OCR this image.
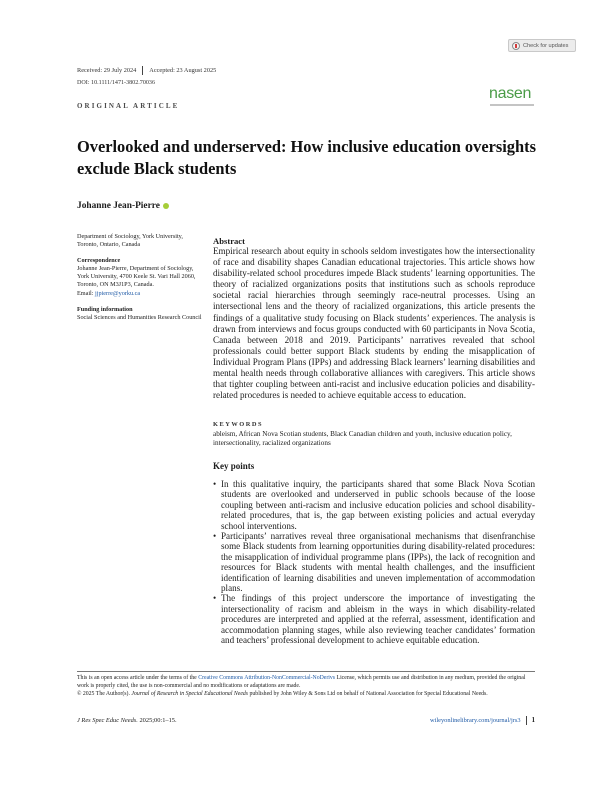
Check for updates
Received: 29 July 2024 Accepted: 23 August 2025
DOI: 10.1111/1471-3802.70036
ORIGINAL ARTICLE
nasen
Overlooked and underserved: How inclusive education oversights
exclude Black students
Johanne Jean-Pierre

Department of Sociology, York University, Toronto, Ontario, Canada

Correspondence

Johanne Jean-Pierre, Department of Sociology, York University, 4700 Keele St. Vari Hall 2060, Toronto, ON M3J1P3, Canada.
Email: jjpierre@yorku.ca

Funding information

Social Sciences and Humanities Research Council

Abstract

Empirical research about equity in schools seldom investigates how the intersectionality of race and disability shapes Canadian educational trajectories. This article shows how disability-related school procedures impede Black students’ learning opportunities. The theory of racialized organizations posits that institutions such as schools reproduce societal racial hierarchies through seemingly race-neutral processes. Using an intersectional lens and the theory of racialized organizations, this article presents the findings of a qualitative study focusing on Black students’ experiences. The analysis is drawn from interviews and focus groups conducted with 60 participants in Nova Scotia, Canada between 2018 and 2019. Participants’ narratives revealed that school professionals could better support Black students by ending the misapplication of Individual Program Plans (IPPs) and addressing Black learners’ learning disabilities and mental health needs through collaborative alliances with caregivers. This article shows that tighter coupling between anti-racist and inclusive education policies and disability-related procedures is needed to achieve equitable access to education.

KEYWORDS

ableism, African Nova Scotian students, Black Canadian children and youth, inclusive education policy, intersectionality, racialized organizations

Key points
• In this qualitative inquiry, the participants shared that some Black Nova Scotian students are overlooked and underserved in public schools because of the loose coupling between anti-racism and inclusive education policies and school disability-related procedures, that is, the gap between existing policies and actual everyday school interventions.
• Participants’ narratives reveal three organisational mechanisms that disenfranchise some Black students from learning opportunities during disability-related procedures: the misapplication of individual programme plans (IPPs), the lack of recognition and resources for Black students with mental health challenges, and the insufficient identification of learning disabilities and uneven implementation of accommodation plans.
• The findings of this project underscore the importance of investigating the intersectionality of racism and ableism in the ways in which disability-related procedures are interpreted and applied at the referral, assessment, identification and accommodation planning stages, while also reviewing teacher candidates’ formation and teachers’ professional development to achieve equitable education.

This is an open access article under the terms of the Creative Commons Attribution-NonCommercial-NoDerivs License, which permits use and distribution in any medium, provided the original work is properly cited, the use is non-commercial and no modifications or adaptations are made.

© 2025 The Author(s). Journal of Research in Special Educational Needs published by John Wiley & Sons Ltd on behalf of National Association for Special Educational Needs.

J Res Spec Educ Needs. 2025;00:1–15.	wileyonlinelibrary.com/journal/jrs3 1
